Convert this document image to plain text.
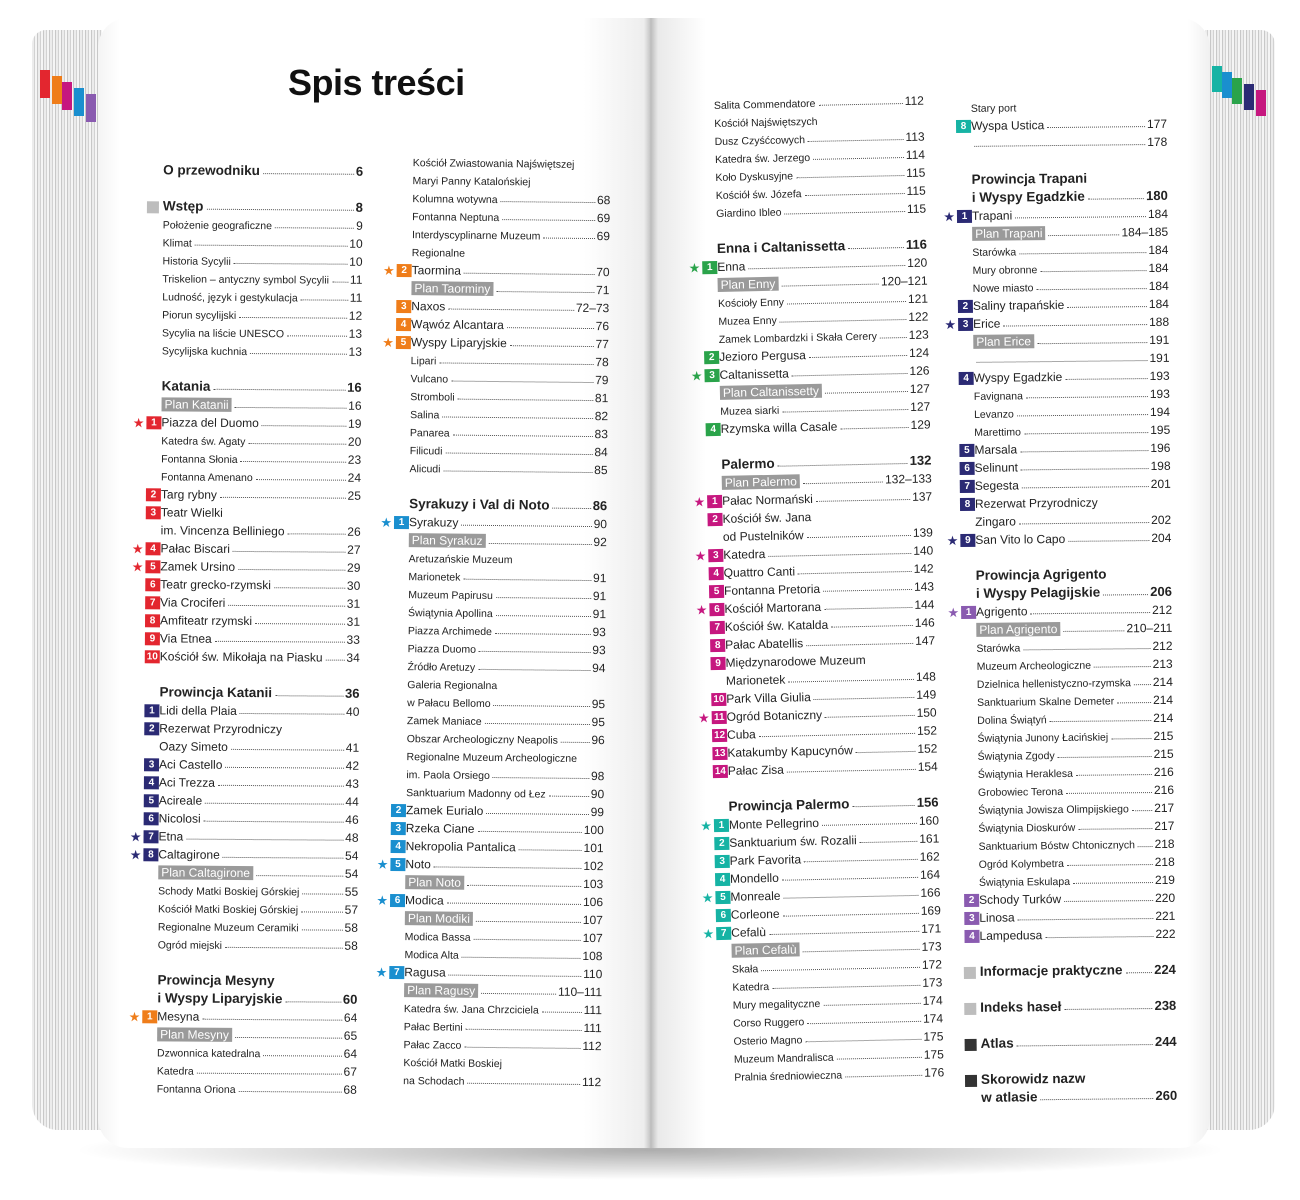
Spis treści
O przewodniku	6
Wstęp	8
Położenie geograficzne	9
Klimat	10
Historia Sycylii	10
Triskelion – antyczny symbol Sycylii 11
Ludność, język i gestykulacja	11
Piorun sycylijski	12
Sycylia na liście UNESCO	13
Sycylijska kuchnia	13
Katania	16
Plan Katanii	16
★ 1 Piazza del Duomo	19
Katedra św. Agaty	20
Fontanna Słonia	23
Fontanna Amenano	24
2 Targ rybny	25
3 Teatr Wielki
im. Vincenza Belliniego	26
★ 4 Pałac Biscari	27
★ 5 Zamek Ursino	29
6 Teatr grecko-rzymski	30
7 Via Crociferi	31
8 Amfiteatr rzymski	31
9 Via Etnea	33
10 Kościół św. Mikołaja na Piasku 34
Prowincja Katanii	36
1 Lidi della Plaia	40
2 Rezerwat Przyrodniczy
Oazy Simeto	41
3 Aci Castello	42
4 Aci Trezza	43
5 Acireale	44
6 Nicolosi	46
★ 7 Etna	48
★ 8 Caltagirone	54
Plan Caltagirone	54
Schody Matki Boskiej Górskiej	55
Kościół Matki Boskiej Górskiej	57
Regionalne Muzeum Ceramiki	58
Ogród miejski	58
Prowincja Mesyny
i Wyspy Liparyjskie	60
★ 1 Mesyna	64
Plan Mesyny	65
Dzwonnica katedralna	64
Katedra	67
Fontanna Oriona	68
Kościół Zwiastowania Najświętszej
Maryi Panny Katalońskiej
Kolumna wotywna	68
Fontanna Neptuna	69
Interdyscyplinarne Muzeum	69
Regionalne
★ 2 Taormina	70
Plan Taorminy	71
3 Naxos	72–73
4 Wąwóz Alcantara	76
★ 5 Wyspy Liparyjskie	77
Lipari	78
Vulcano	79
Stromboli	81
Salina	82
Panarea	83
Filicudi	84
Alicudi	85
Syrakuzy i Val di Noto	86
★ 1 Syrakuzy	90
Plan Syrakuz	92
Aretuzańskie Muzeum
Marionetek	91
Muzeum Papirusu	91
Świątynia Apollina	91
Piazza Archimede	93
Piazza Duomo	93
Źródło Aretuzy	94
Galeria Regionalna
w Pałacu Bellomo	95
Zamek Maniace	95
Obszar Archeologiczny Neapolis	96
Regionalne Muzeum Archeologiczne
im. Paola Orsiego	98
Sanktuarium Madonny od Łez	90
2 Zamek Eurialo	99
3 Rzeka Ciane	100
4 Nekropolia Pantalica	101
★ 5 Noto	102
Plan Noto	103
★ 6 Modica	106
Plan Modiki	107
Modica Bassa	107
Modica Alta	108
★ 7 Ragusa	110
Plan Ragusy	110–111
Katedra św. Jana Chrzciciela	111
Pałac Bertini	111
Pałac Zacco	112
Kościół Matki Boskiej
na Schodach	112
Salita Commendatore	112
Kościół Najświętszych
Dusz Czyśćcowych	113
Katedra św. Jerzego	114
Koło Dyskusyjne	115
Kościół św. Józefa	115
Giardino Ibleo	115
Enna i Caltanissetta	116
★ 1 Enna	120
Plan Enny	120–121
Kościoły Enny	121
Muzea Enny	122
Zamek Lombardzki i Skała Cerery	123
2 Jezioro Pergusa	124
★ 3 Caltanissetta	126
Plan Caltanissetty	127
Muzea siarki	127
4 Rzymska willa Casale	129
Palermo	132
Plan Palermo	132–133
★ 1 Pałac Normański	137
2 Kościół św. Jana
od Pustelników	139
★ 3 Katedra	140
4 Quattro Canti	142
5 Fontanna Pretoria	143
★ 6 Kościół Martorana	144
7 Kościół św. Katalda	146
8 Pałac Abatellis	147
9 Międzynarodowe Muzeum
Marionetek	148
10 Park Villa Giulia	149
★ 11 Ogród Botaniczny	150
12 Cuba	152
13 Katakumby Kapucynów	152
14 Pałac Zisa	154
Prowincja Palermo	156
★ 1 Monte Pellegrino	160
2 Sanktuarium św. Rozalii	161
3 Park Favorita	162
4 Mondello	164
★ 5 Monreale	166
6 Corleone	169
★ 7 Cefalù	171
Plan Cefalù	173
Skała	172
Katedra	173
Mury megalityczne	174
Corso Ruggero	174
Osterio Magno	175
Muzeum Mandralisca	175
Pralnia średniowieczna	176
Stary port
8 Wyspa Ustica	177
178
Prowincja Trapani
i Wyspy Egadzkie	180
★ 1 Trapani	184
Plan Trapani	184–185
Starówka	184
Mury obronne	184
Nowe miasto	184
2 Saliny trapańskie	184
★ 3 Erice	188
Plan Erice	191
191
4 Wyspy Egadzkie	193
Favignana	193
Levanzo	194
Marettimo	195
5 Marsala	196
6 Selinunt	198
7 Segesta	201
8 Rezerwat Przyrodniczy
Zingaro	202
★ 9 San Vito lo Capo	204
Prowincja Agrigento
i Wyspy Pelagijskie	206
★ 1 Agrigento	212
Plan Agrigento	210–211
Starówka	212
Muzeum Archeologiczne	213
Dzielnica hellenistyczno-rzymska 214
Sanktuarium Skalne Demeter	214
Dolina Świątyń	214
Świątynia Junony Łacińskiej	215
Świątynia Zgody	215
Świątynia Heraklesa	216
Grobowiec Terona	216
Świątynia Jowisza Olimpijskiego 217
Świątynia Dioskurów	217
Sanktuarium Bóstw Chtonicznych 218
Ogród Kolymbetra	218
Świątynia Eskulapa	219
2 Schody Turków	220
3 Linosa	221
4 Lampedusa	222
Informacje praktyczne 224
Indeks haseł	238
Atlas	244
Skorowidz nazw
w atlasie	260
